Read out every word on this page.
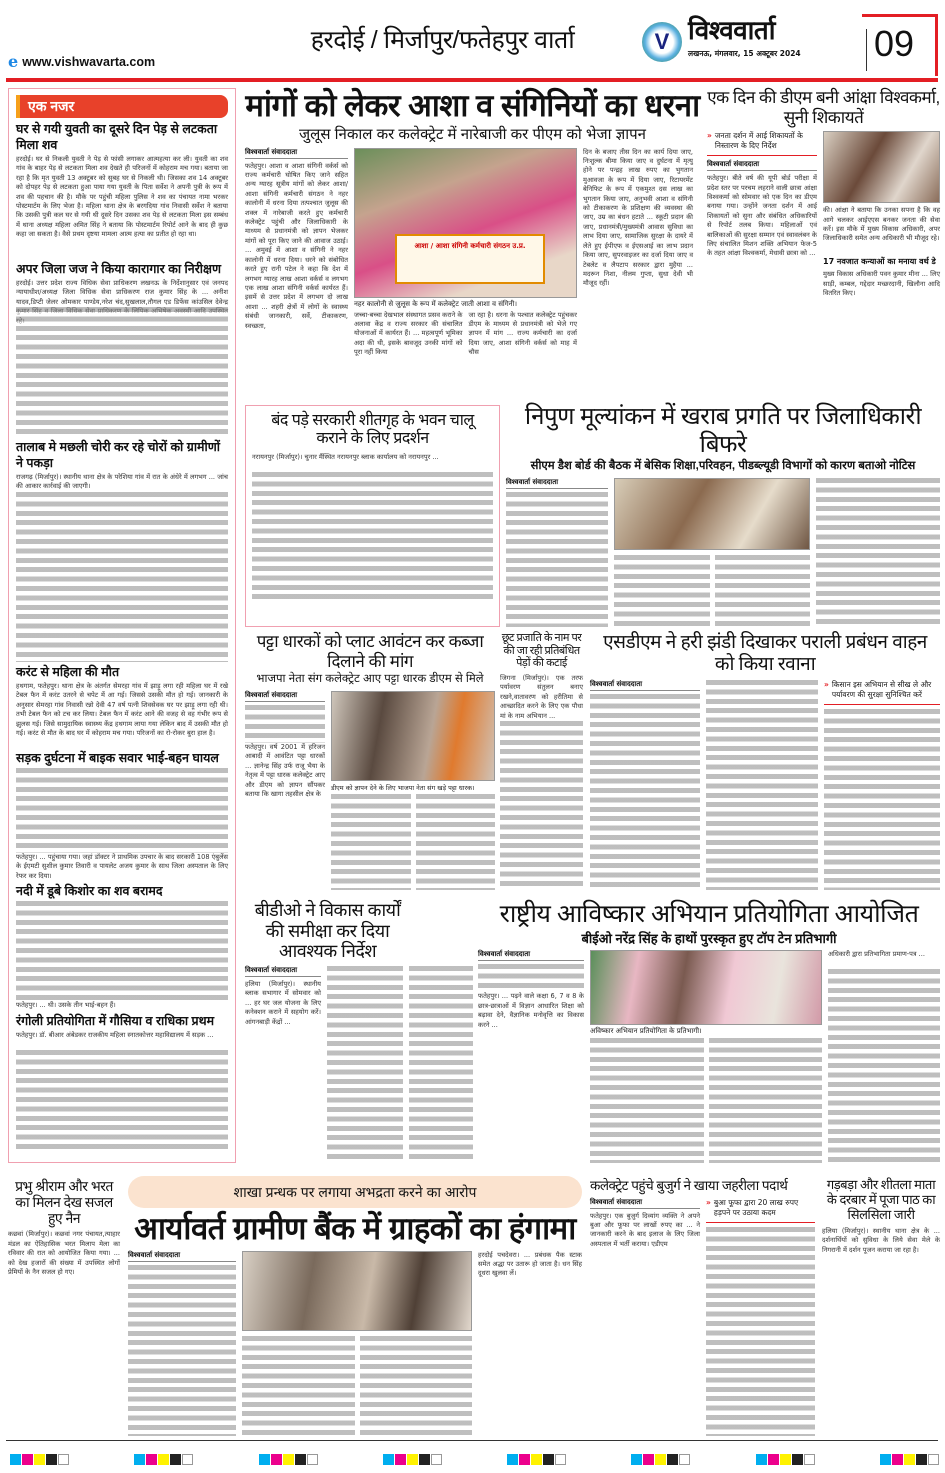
e www.vishwavarta.com
हरदोई / मिर्जापुर/फतेहपुर वार्ता	V विश्ववार्ता
लखनऊ, मंगलवार, 15 अक्टूबर 2024	09
एक नजर
घर से गयी युवती का दूसरे दिन पेड़ से लटकता मिला शव
हरदोई। घर से निकली युवती ने पेड़ से फांसी लगाकर आत्महत्या कर ली। युवती का शव गांव के बाहर पेड़ से लटकता मिला शव देखते ही परिजनों में कोहराम मच गया। बताया जा रहा है कि मृत युवती 13 अक्टूबर को सुबह घर से निकली थी। जिसका शव 14 अक्टूबर को दोपहर पेड़ से लटकता हुआ पाया गया युवती के पिता सर्वेश ने अपनी पुत्री के रूप में शव की पहचान की है। मौके पर पहुंची महिला पुलिस ने शव का पंचायत नामा भरकर पोस्टमार्टम के लिए भेजा है। महिला थाना क्षेत्र के बरगदिया गांव निवासी सर्वेश ने बताया कि उसकी पुत्री कल घर से गयी थी दूसरे दिन उसका शव पेड़ से लटकता मिला इस सम्बंध में थाना अध्यक्ष महिला अमित सिंह ने बताया कि पोस्टमार्टम रिपोर्ट आने के बाद ही कुछ कहा जा सकता है। वैसे प्रथम दृष्टया मामला आत्म हत्या का प्रतीत हो रहा था।
अपर जिला जज ने किया कारागार का निरीक्षण
हरदोई। उत्तर प्रदेश राज्य विधिक सेवा प्राधिकरण लखनऊ के निर्देशानुसार एवं जनपद न्यायाधीश/अध्यक्ष जिला विधिक सेवा प्राधिकरण राज कुमार सिंह के ... अनीश यादव,डिप्टी जेलर ओमकार पाण्डेय,नरेश चंद,सुखलाल,तौगल एड डिफेंस कांउसिल देवेन्द्र
तालाब मे मछली चोरी कर रहे चोरों को ग्रामीणों ने पकड़ा
राजगढ़ (मिर्जापुर)। स्थानीय थाना क्षेत्र के परेशिया गांव में रात के अंधेरे में लगभग ... जांच की आकार कार्रवाई की जाएगी।
करंट से महिला की मौत
हथगाम, फतेहपुर। थाना क्षेत्र के अंतर्गत सेमरहा गांव में झाड़ू लगा रही महिला घर में रखे टेबल फैन में करंट उतरने से चपेट में आ गई। जिससे उसकी मौत हो गई। जानकारी के अनुसार सेमरहा गांव निवासी रन्नो देवी 47 वर्ष पत्नी शिवसेवक घर पर झाड़ू लगा रही थी। तभी टेबल फैन को टच कर लिया। टेबल फैन में करंट आने की वजह से वह गंभीर रूप से झुलस गई। जिसे सामुदायिक स्वास्थ्य केंद्र हथगाम लाया गया लेकिन बाद में उसकी मौत हो गई। करंट से मौत के बाद घर में कोहराम मच गया। परिजनों का रो-रोकर बुरा हाल है।
सड़क दुर्घटना में बाइक सवार भाई-बहन घायल
फतेहपुर। ... पहुंचाया गया। जहां डॉक्टर ने प्राथमिक उपचार के बाद सरकारी 108 एंबुलेंस के ईएमटी सुशील कुमार तिवारी व पायलेट अजय कुमार के साथ जिला अस्पताल के लिए रेफर कर दिया।
नदी में डूबे किशोर का शव बरामद
फतेहपुर। ... थी। उसके तीन भाई-बहन हैं।
रंगोली प्रतियोगिता में गौसिया व राधिका प्रथम
फतेहपुर। डॉ. बीआर अंबेडकर राजकीय महिला स्नातकोत्तर महाविद्यालय में सड़क ...
मांगों को लेकर आशा व संगिनियों का धरना
जुलूस निकाल कर कलेक्ट्रेट में नारेबाजी कर पीएम को भेजा ज्ञापन
विश्ववार्ता संवाददाता
फतेहपुर। आशा व आशा संगिनी वर्कर्स को राज्य कर्मचारी घोषित किए जाने सहित अन्य ग्यारह सूत्रीय मांगों को लेकर आशा/आशा संगिनी कर्मचारी संगठन ने नहर कालोनी में धरना दिया तत्पश्चात जुलूस की शक्ल में नारेबाजी करते हुए कर्मचारी कलेक्ट्रेट पहुंची और जिलाधिकारी के माध्यम से प्रधानमंत्री को ज्ञापन भेजकर मांगों को पूरा किए जाने की आवाज उठाई। ... अमुवई में आशा व संगिनी ने नहर कालोनी में धरना दिया। धरने को संबोधित करते हुए रानी पटेल ने कहा कि देश में लगभग ग्यारह लाख आशा वर्कर्स व लगभग एक लाख आशा संगिनी वर्कर्स कार्यरत हैं। इसमें से उत्तर प्रदेश में लगभग दो लाख आशा ... शहरी क्षेत्रों में लोगों के स्वास्थ्य संबंधी जानकारी, सर्वे, टीकाकरण, स्वच्छता,
आशा / आशा संगिनी कर्मचारी संगठन उ.प्र.
नहर कालोनी से जुलूस के रूप में कलेक्ट्रेट जाती आशा व संगिनी।
जच्चा-बच्चा देखभाल संस्थागत प्रसव कराने के अलावा केंद्र व राज्य सरकार की संचालित योजनाओं में कार्यरत हैं। ... महत्वपूर्ण भूमिका अदा की थी, इसके बावजूद उनकी मांगों को पूरा नहीं किया
जा रहा है। धरना के पश्चात कलेक्ट्रेट पहुंचकर डीएम के माध्यम से प्रधानमंत्री को भेजे गए ज्ञापन में मांग ... राज्य कर्मचारी का दर्जा दिया जाए, आशा संगिनी वर्कर्स को माह में चौस
दिन के बजाए तीस दिन का कार्य दिया जाए, निःशुल्क बीमा किया जाए व दुर्घटना में मृत्यु होने पर पन्द्रह लाख रुपए का भुगतान मुआवजा के रूप में दिया जाए, रिटायरमेंट बेनिफिट के रूप में एकमुश्त दस लाख का भुगतान किया जाए, अनुभवी आशा व संगिनी को टीकाकरण के प्रशिक्षण की व्यवस्था की जाए, उम्र का बंधन हटाते ... स्कूटी प्रदान की जाए, प्रधानमंत्री/मुख्यमंत्री आवास सुविधा का लाभ दिया जाए, सामाजिक सुरक्षा के दायरे में लेते हुए ईपीएफ व ईएसआई का लाभ प्रदान किया जाए, सुपरवाइजर का दर्जा दिया जाए व टेबलेट व लैपटाप सरकार द्वारा मुहैया ... मदरून निशा, नीलम गुप्ता, सुधा देवी भी मौजूद रहीं।
एक दिन की डीएम बनी आंक्षा विश्वकर्मा, सुनी शिकायतें
» जनता दर्शन में आई शिकायतों के निस्तारण के दिए निर्देश
विश्ववार्ता संवाददाता
फतेहपुर। बीते वर्ष की यूपी बोर्ड परीक्षा में प्रदेश स्तर पर परचम लहराने वाली छात्रा आंक्षा विश्वकर्मा को सोमवार को एक दिन का डीएम बनाया गया। उन्होंने जनता दर्शन में आई शिकायतों को सुना और संबंधित अधिकारियों से रिपोर्ट तलब किया। महिलाओं एवं बालिकाओं की सुरक्षा सम्मान एवं स्वावलंबन के लिए संचालित मिशन शक्ति अभियान फेज-5 के तहत आंक्षा विश्वकर्मा, मेधावी छात्रा को ...
की। आंक्षा ने बताया कि उनका सपना है कि वह आगे चलकर आईएएस बनकर जनता की सेवा करें। इस मौके में मुख्य विकास अधिकारी, अपर जिलाधिकारी समेत अन्य अधिकारी भी मौजूद रहे।
17 नवजात कन्याओं का मनाया वर्थ डे
मुख्य विकास अधिकारी पवन कुमार मीना ... लिए साड़ी, कम्बल, गद्देदार मच्छरदानी, खिलौना आदि वितरित किए।
बंद पड़े सरकारी शीतगृह के भवन चालू कराने के लिए प्रदर्शन
नरायनपुर (मिर्जापुर)। चुनार मैंस्थित नरायनपुर ब्लाक कार्यालय को नरायनपुर ...
निपुण मूल्यांकन में खराब प्रगति पर जिलाधिकारी बिफरे
सीएम डैश बोर्ड की बैठक में बेसिक शिक्षा,परिवहन, पीडब्ल्यूडी विभागों को कारण बताओ नोटिस
विश्ववार्ता संवाददाता
पट्टा धारकों को प्लाट आवंटन कर कब्जा दिलाने की मांग
भाजपा नेता संग कलेक्ट्रेट आए पट्टा धारक डीएम से मिले
विश्ववार्ता संवाददाता
फतेहपुर। वर्ष 2001 में हरिजन आबादी में आवंटित पट्टा धारकों ... ज्ञानेन्द्र सिंह उर्फ राजू भैया के नेतृत्व में पट्टा धारक कलेक्ट्रेट आए और डीएम को ज्ञापन सौंपकर बताया कि खागा तहसील क्षेत्र के
डीएम को ज्ञापन देने के लिए भाजपा नेता संग खड़े पट्टा धारक।
छूट प्रजाति के नाम पर की जा रही प्रतिबंधित पेड़ों की कटाई
जिगना (मिर्जापुर)। एक तरफ पर्यावरण संतुलन बनाए रखने,वातावरण को हरीतिमा से आच्छादित करने के लिए एक पौधा मां के नाम अभियान ...
एसडीएम ने हरी झंडी दिखाकर पराली प्रबंधन वाहन को किया रवाना
विश्ववार्ता संवाददाता	» किसान इस अभियान से सीख ले और पर्यावरण की सुरक्षा सुनिश्चित करें
बीडीओ ने विकास कार्यों की समीक्षा कर दिया आवश्यक निर्देश
विश्ववार्ता संवाददाता
हलिया (मिर्जापुर)। स्थानीय ब्लाक सभागार में सोमवार को ... हर घर जल योजना के लिए कनेक्शन कराने में सहयोग करें। आंगनबाड़ी केंद्रों ...
राष्ट्रीय आविष्कार अभियान प्रतियोगिता आयोजित
बीईओ नरेंद्र सिंह के हाथों पुरस्कृत हुए टॉप टेन प्रतिभागी
विश्ववार्ता संवाददाता
फतेहपुर। ... पढ़ने वाले कक्षा 6, 7 व 8 के छात्र-छात्राओं में विज्ञान आधारित शिक्षा को बढ़ावा देने, वैज्ञानिक मनोवृत्ति का विकास करने ...
अविष्कार अभियान प्रतियोगिता के प्रतिभागी।
अधिकारी द्वारा प्रतिभागिता प्रमाण-पत्र ...
प्रभु श्रीराम और भरत का मिलन देख सजल हुए नैन
कछवां (मिर्जापुर)। कछवां नगर पंचायत,त्याहार मंडल का ऐतिहासिक भरत मिलाप मेला का रविवार की रात को आयोजित किया गया। ... को देख हजारों की संख्या में उपस्थित लोगों प्रेमियों के नैन सजल हो गए।
शाखा प्रन्धक पर लगाया अभद्रता करने का आरोप
आर्यावर्त ग्रामीण बैंक में ग्राहकों का हंगामा
विश्ववार्ता संवाददाता	हरदोई पचदेवरा। ... प्रबंधक पैक स्टाक समेत अद्धा पर उतारू हो जाता है। धन सिंह दूधरा खुलवा लें।
कलेक्ट्रेट पहुंचे बुजुर्ग ने खाया जहरीला पदार्थ
विश्ववार्ता संवाददाता
फतेहपुर। एक बुजुर्ग दिव्यांग व्यक्ति ने अपने बुआ और फूफा पर लाखों रुपए का ... ने जानकारी करने के बाद इलाज के लिए जिला अस्पताल में भर्ती कराया। एडीएम
» बुआ फूफा द्वारा 20 लाख रुपए हड़पने पर उठाया कदम
गड़बड़ा और शीतला माता के दरबार में पूजा पाठ का सिलसिला जारी
हलिया (मिर्जापुर)। स्थानीय थाना क्षेत्र के ... दर्शनार्थियों को सुविधा के लिये सेवा मेले के निगरानी में दर्शन पूजन कराया जा रहा है।
